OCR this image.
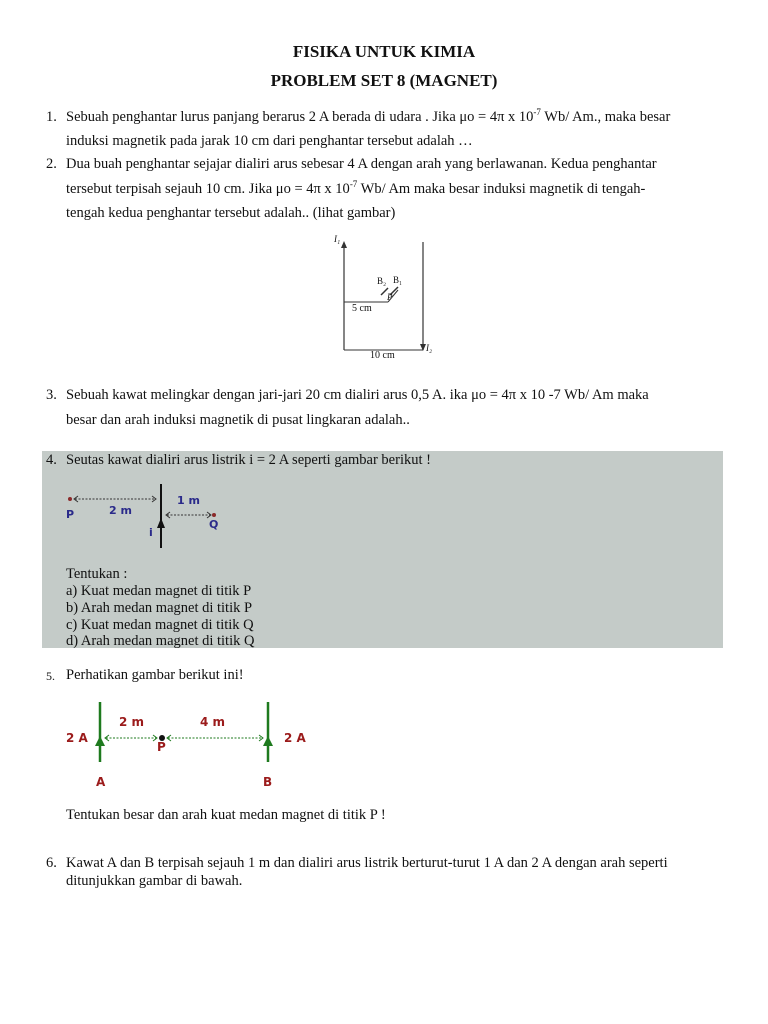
FISIKA UNTUK KIMIA
PROBLEM SET 8 (MAGNET)
1. Sebuah penghantar lurus panjang berarus 2 A berada di udara . Jika μo = 4π x $10^{-7}$ Wb/ Am., maka besar
induksi magnetik pada jarak 10 cm dari penghantar tersebut adalah …
2. Dua buah penghantar sejajar dialiri arus sebesar 4 A dengan arah yang berlawanan. Kedua penghantar
tersebut terpisah sejauh 10 cm. Jika μo = 4π x $10^{-7}$ Wb/ Am maka besar induksi magnetik di tengah-
tengah kedua penghantar tersebut adalah.. (lihat gambar)
I₁
B₂ B₁
P
5 cm
10 cm
I₂
3. Sebuah kawat melingkar dengan jari-jari 20 cm dialiri arus 0,5 A. ika μo = 4π x 10 -7 Wb/ Am maka
besar dan arah induksi magnetik di pusat lingkaran adalah..
4. Seutas kawat dialiri arus listrik i = 2 A seperti gambar berikut !
P	2 m
1 m
Q
i
Tentukan :
a) Kuat medan magnet di titik P
b) Arah medan magnet di titik P
c) Kuat medan magnet di titik Q
d) Arah medan magnet di titik Q
5. Perhatikan gambar berikut ini!
2 A
2 m
P
4 m
2 A
A	B
Tentukan besar dan arah kuat medan magnet di titik P !
6. Kawat A dan B terpisah sejauh 1 m dan dialiri arus listrik berturut-turut 1 A dan 2 A dengan arah seperti
ditunjukkan gambar di bawah.
